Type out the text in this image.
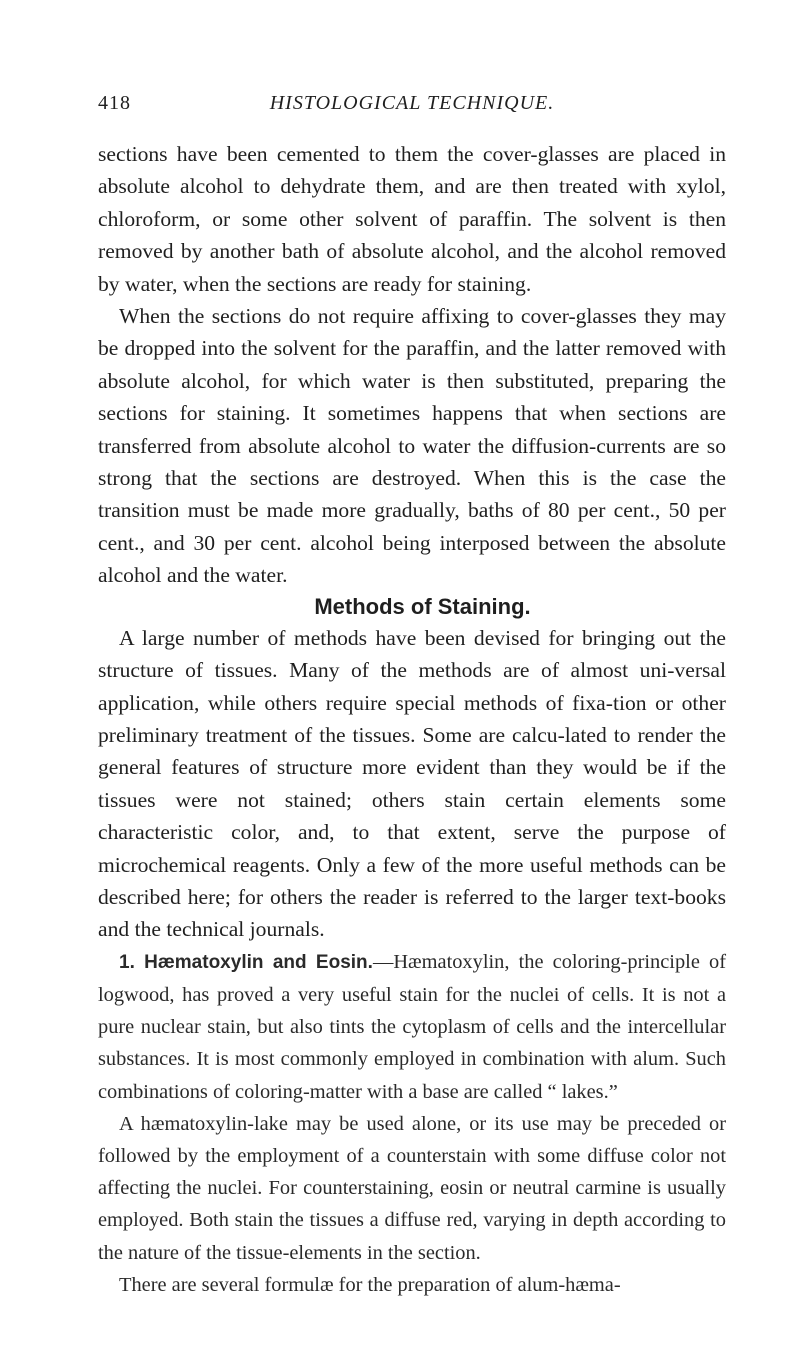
418	HISTOLOGICAL TECHNIQUE.

sections have been cemented to them the cover-glasses are placed in absolute alcohol to dehydrate them, and are then treated with xylol, chloroform, or some other solvent of paraffin. The solvent is then removed by another bath of absolute alcohol, and the alcohol removed by water, when the sections are ready for staining.

When the sections do not require affixing to cover-glasses they may be dropped into the solvent for the paraffin, and the latter removed with absolute alcohol, for which water is then substituted, preparing the sections for staining. It sometimes happens that when sections are transferred from absolute alcohol to water the diffusion-currents are so strong that the sections are destroyed. When this is the case the transition must be made more gradually, baths of 80 per cent., 50 per cent., and 30 per cent. alcohol being interposed between the absolute alcohol and the water.

Methods of Staining.

A large number of methods have been devised for bringing out the structure of tissues. Many of the methods are of almost uni-versal application, while others require special methods of fixa-tion or other preliminary treatment of the tissues. Some are calcu-lated to render the general features of structure more evident than they would be if the tissues were not stained; others stain certain elements some characteristic color, and, to that extent, serve the purpose of microchemical reagents. Only a few of the more useful methods can be described here; for others the reader is referred to the larger text-books and the technical journals.

1. Hæmatoxylin and Eosin.—Hæmatoxylin, the coloring-principle of logwood, has proved a very useful stain for the nuclei of cells. It is not a pure nuclear stain, but also tints the cytoplasm of cells and the intercellular substances. It is most commonly employed in combination with alum. Such combinations of coloring-matter with a base are called “ lakes.”

A hæmatoxylin-lake may be used alone, or its use may be preceded or followed by the employment of a counterstain with some diffuse color not affecting the nuclei. For counterstaining, eosin or neutral carmine is usually employed. Both stain the tissues a diffuse red, varying in depth according to the nature of the tissue-elements in the section.

There are several formulæ for the preparation of alum-hæma-
